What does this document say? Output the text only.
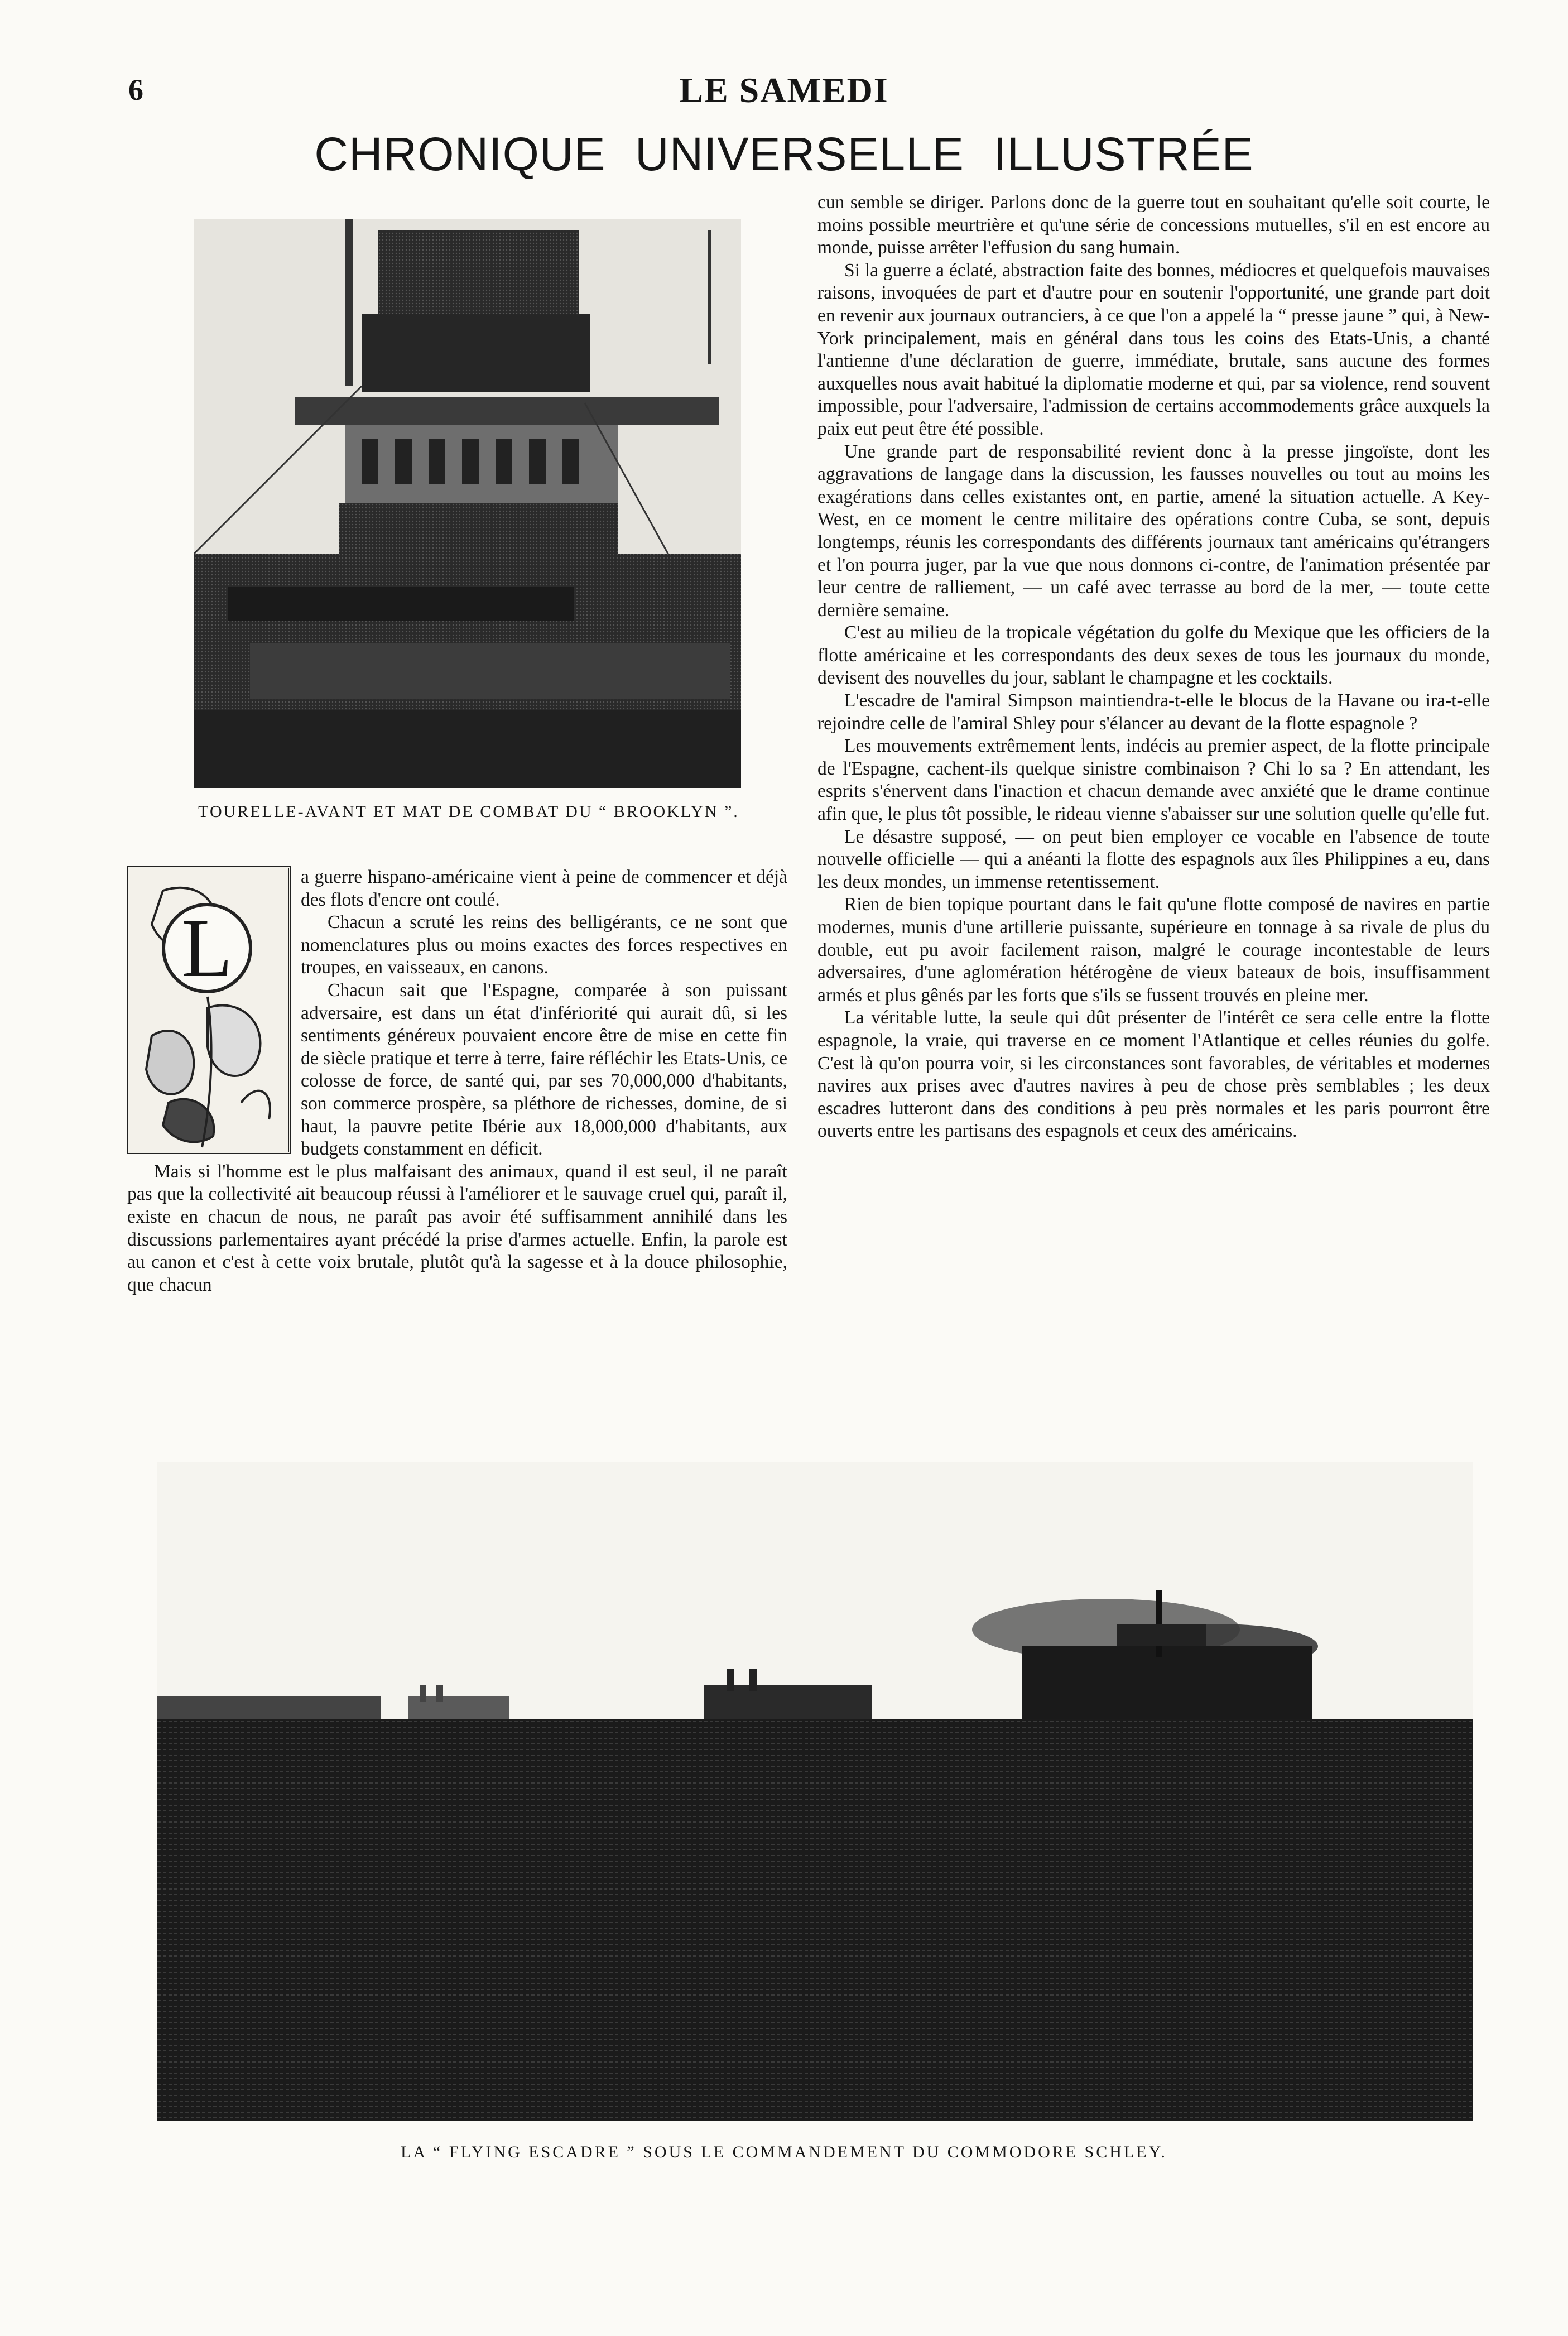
6	LE SAMEDI
CHRONIQUE UNIVERSELLE ILLUSTRÉE
TOURELLE-AVANT ET MAT DE COMBAT DU “ BROOKLYN ”.

cun semble se diriger. Parlons donc de la guerre tout en souhaitant qu'elle soit courte, le moins possible meurtrière et qu'une série de concessions mutuelles, s'il en est encore au monde, puisse arrêter l'effusion du sang humain.

Si la guerre a éclaté, abstraction faite des bonnes, médiocres et quelquefois mauvaises raisons, invoquées de part et d'autre pour en soutenir l'opportunité, une grande part doit en revenir aux journaux outranciers, à ce que l'on a appelé la “ presse jaune ” qui, à New-York principalement, mais en général dans tous les coins des Etats-Unis, a chanté l'antienne d'une déclaration de guerre, immédiate, brutale, sans aucune des formes auxquelles nous avait habitué la diplomatie moderne et qui, par sa violence, rend souvent impossible, pour l'adversaire, l'admission de certains accommodements grâce auxquels la paix eut peut être été possible.

Une grande part de responsabilité revient donc à la presse jingoïste, dont les aggravations de langage dans la discussion, les fausses nouvelles ou tout au moins les exagérations dans celles existantes ont, en partie, amené la situation actuelle. A Key-West, en ce moment le centre militaire des opérations contre Cuba, se sont, depuis longtemps, réunis les correspondants des différents journaux tant américains qu'étrangers et l'on pourra juger, par la vue que nous donnons ci-contre, de l'animation présentée par leur centre de ralliement, — un café avec terrasse au bord de la mer, — toute cette dernière semaine.

C'est au milieu de la tropicale végétation du golfe du Mexique que les officiers de la flotte américaine et les correspondants des deux sexes de tous les journaux du monde, devisent des nouvelles du jour, sablant le champagne et les cocktails.

L'escadre de l'amiral Simpson maintiendra-t-elle le blocus de la Havane ou ira-t-elle rejoindre celle de l'amiral Shley pour s'élancer au devant de la flotte espagnole ?

Les mouvements extrêmement lents, indécis au premier aspect, de la flotte principale de l'Espagne, cachent-ils quelque sinistre combinaison ? Chi lo sa ? En attendant, les esprits s'énervent dans l'inaction et chacun demande avec anxiété que le drame continue afin que, le plus tôt possible, le rideau vienne s'abaisser sur une solution quelle qu'elle fut.

Le désastre supposé, — on peut bien employer ce vocable en l'absence de toute nouvelle officielle — qui a anéanti la flotte des espagnols aux îles Philippines a eu, dans les deux mondes, un immense retentissement.

Rien de bien topique pourtant dans le fait qu'une flotte composé de navires en partie modernes, munis d'une artillerie puissante, supérieure en tonnage à sa rivale de plus du double, eut pu avoir facilement raison, malgré le courage incontestable de leurs adversaires, d'une aglomération hétérogène de vieux bateaux de bois, insuffisamment armés et plus gênés par les forts que s'ils se fussent trouvés en pleine mer.

La véritable lutte, la seule qui dût présenter de l'intérêt ce sera celle entre la flotte espagnole, la vraie, qui traverse en ce moment l'Atlantique et celles réunies du golfe. C'est là qu'on pourra voir, si les circonstances sont favorables, de véritables et modernes navires aux prises avec d'autres navires à peu de chose près semblables ; les deux escadres lutteront dans des conditions à peu près normales et les paris pourront être ouverts entre les partisans des espagnols et ceux des américains.

L

a guerre hispano-américaine vient à peine de commencer et déjà des flots d'encre ont coulé.

Chacun a scruté les reins des belligérants, ce ne sont que nomenclatures plus ou moins exactes des forces respectives en troupes, en vaisseaux, en canons.

Chacun sait que l'Espagne, comparée à son puissant adversaire, est dans un état d'infériorité qui aurait dû, si les sentiments généreux pouvaient encore être de mise en cette fin de siècle pratique et terre à terre, faire réfléchir les Etats-Unis, ce colosse de force, de santé qui, par ses 70,000,000 d'habitants, son commerce prospère, sa pléthore de richesses, domine, de si haut, la pauvre petite Ibérie aux 18,000,000 d'habitants, aux budgets constamment en déficit.

Mais si l'homme est le plus malfaisant des animaux, quand il est seul, il ne paraît pas que la collectivité ait beaucoup réussi à l'améliorer et le sauvage cruel qui, paraît il, existe en chacun de nous, ne paraît pas avoir été suffisamment annihilé dans les discussions parlementaires ayant précédé la prise d'armes actuelle. Enfin, la parole est au canon et c'est à cette voix brutale, plutôt qu'à la sagesse et à la douce philosophie, que chacun

LA “ FLYING ESCADRE ” SOUS LE COMMANDEMENT DU COMMODORE SCHLEY.
